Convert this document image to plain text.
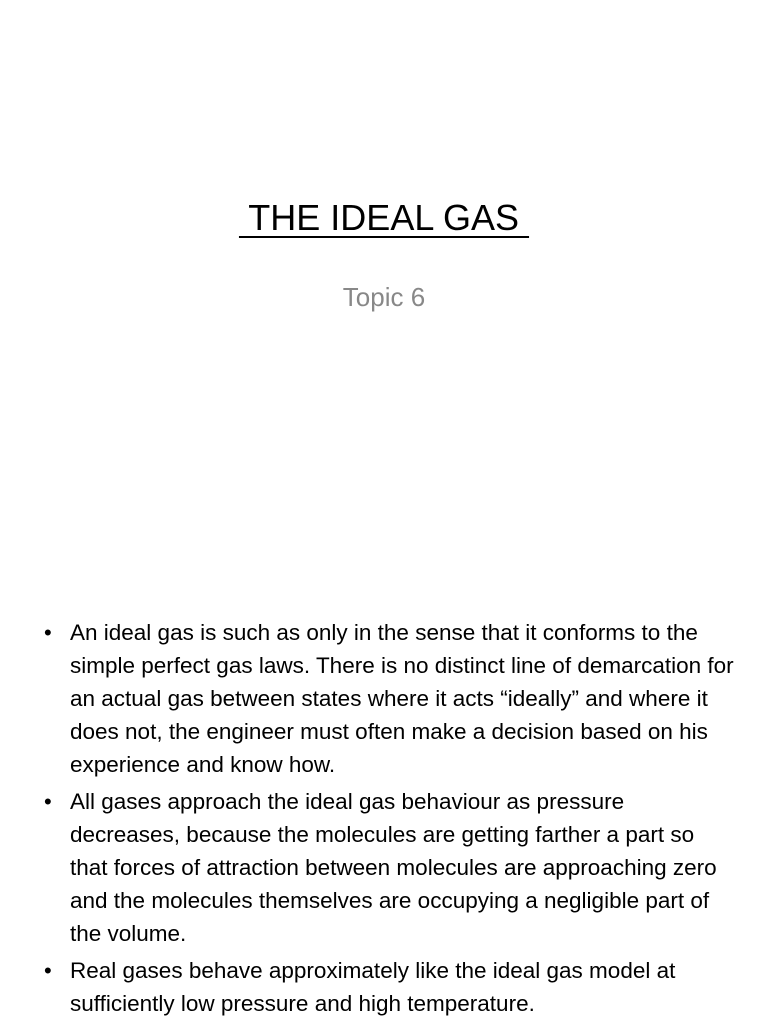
THE IDEAL GAS

Topic 6

• An ideal gas is such as only in the sense that it conforms to the simple perfect gas laws. There is no distinct line of demarcation for an actual gas between states where it acts “ideally” and where it does not, the engineer must often make a decision based on his experience and know how.
• All gases approach the ideal gas behaviour as pressure decreases, because the molecules are getting farther a part so that forces of attraction between molecules are approaching zero and the molecules themselves are occupying a negligible part of the volume.
• Real gases behave approximately like the ideal gas model at sufficiently low pressure and high temperature.
